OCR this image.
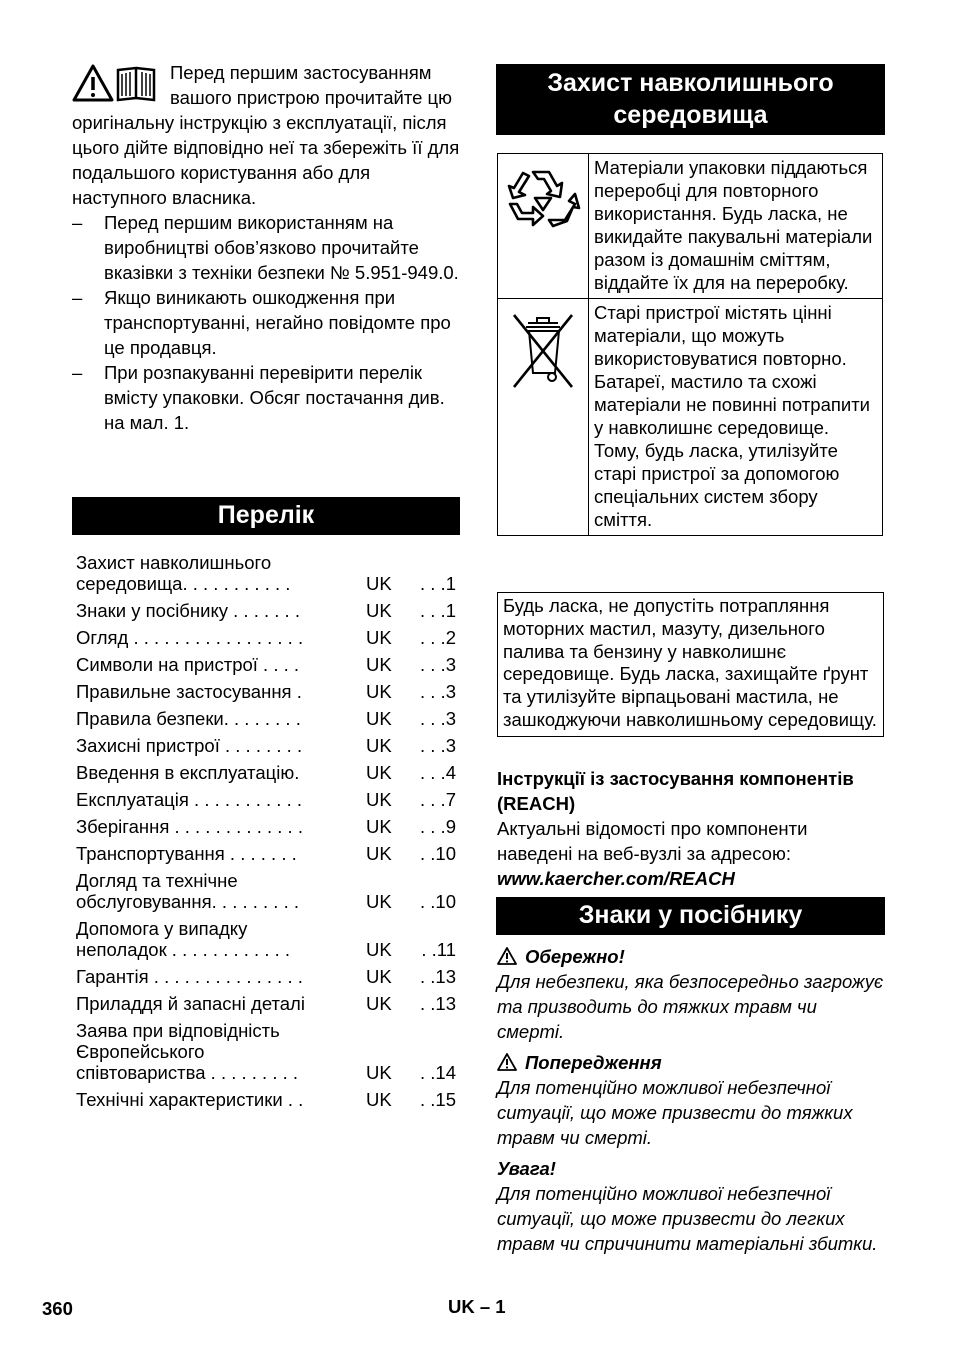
Перед першим застосуванням вашого пристрою прочитайте цю оригінальну інструкцію з експлуатації, після цього дійте відповідно неї та збережіть її для подальшого користування або для наступного власника.
– Перед першим використанням на виробництві обов’язково прочитайте вказівки з техніки безпеки № 5.951-949.0.
– Якщо виникають ошкодження при транспортуванні, негайно повідомте про це продавця.
– При розпакуванні перевірити перелік вмісту упаковки. Обсяг постачання див. на мал. 1.
Перелік
Захист навколишнього середовища. . . . . . . . . . .	UK	. . .1
Знаки у посібнику . . . . . . .	UK	. . .1
Огляд . . . . . . . . . . . . . . . . .	UK	. . .2
Символи на пристрої . . . .	UK	. . .3
Правильне застосування .	UK	. . .3
Правила безпеки. . . . . . . .	UK	. . .3
Захисні пристрої . . . . . . . .	UK	. . .3
Введення в експлуатацію.	UK	. . .4
Експлуатація . . . . . . . . . . .	UK	. . .7
Зберігання . . . . . . . . . . . . .	UK	. . .9
Транспортування . . . . . . .	UK	. .10
Догляд та технічне обслуговування. . . . . . . . .	UK	. .10
Допомога у випадку неполадок . . . . . . . . . . . .	UK	. .11
Гарантія . . . . . . . . . . . . . . .	UK	. .13
Приладдя й запасні деталі	UK	. .13
Заява при відповідність Європейського співтовариства . . . . . . . . .	UK	. .14
Технічні характеристики . .	UK	. .15
Захист навколишнього середовища
	Матеріали упаковки піддаються переробці для повторного використання. Будь ласка, не викидайте пакувальні матеріали разом із домашнім сміттям, віддайте їх для на переробку.
	Старі пристрої містять цінні матеріали, що можуть використовуватися повторно. Батареї, мастило та схожі матеріали не повинні потрапити у навколишнє середовище. Тому, будь ласка, утилізуйте старі пристрої за допомогою спеціальних систем збору сміття.
Будь ласка, не допустіть потрапляння моторних мастил, мазуту, дизельного палива та бензину у навколишнє середовище. Будь ласка, захищайте ґрунт та утилізуйте вірпацьовані мастила, не зашкоджуючи навколишньому середовищу.
Інструкції із застосування компонентів (REACH)
Актуальні відомості про компоненти наведені на веб-вузлі за адресою:
www.kaercher.com/REACH
Знаки у посібнику
Обережно!
Для небезпеки, яка безпосередньо загрожує та призводить до тяжких травм чи смерті.
Попередження
Для потенційно можливої небезпечної ситуації, що може призвести до тяжких травм чи смерті.
Увага!
Для потенційно можливої небезпечної ситуації, що може призвести до легких травм чи спричинити матеріальні збитки.
360	UK – 1
